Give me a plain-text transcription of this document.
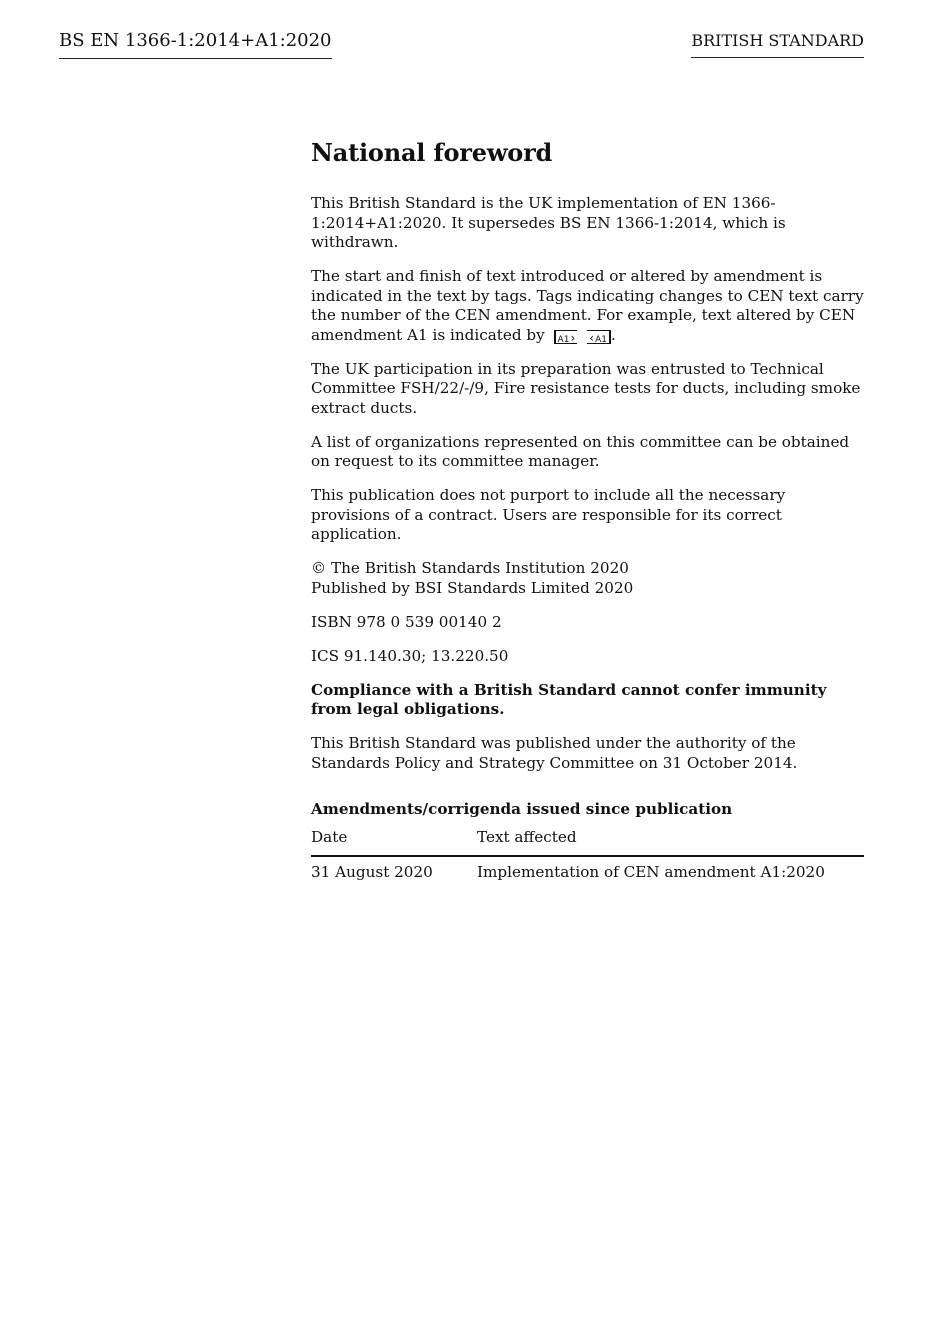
BS EN 1366-1:2014+A1:2020	BRITISH STANDARD
National foreword

This British Standard is the UK implementation of EN 1366-1:2014+A1:2020. It supersedes BS EN 1366-1:2014, which is withdrawn.

The start and finish of text introduced or altered by amendment is indicated in the text by tags. Tags indicating changes to CEN text carry the number of the CEN amendment. For example, text altered by CEN amendment A1 is indicated by A1 ›	‹ A1 .

The UK participation in its preparation was entrusted to Technical Committee FSH/22/-/9, Fire resistance tests for ducts, including smoke extract ducts.

A list of organizations represented on this committee can be obtained on request to its committee manager.

This publication does not purport to include all the necessary provisions of a contract. Users are responsible for its correct application.

© The British Standards Institution 2020
Published by BSI Standards Limited 2020

ISBN 978 0 539 00140 2

ICS 91.140.30; 13.220.50

Compliance with a British Standard cannot confer immunity from legal obligations.

This British Standard was published under the authority of the Standards Policy and Strategy Committee on 31 October 2014.

Amendments/corrigenda issued since publication
Date	Text affected
31 August 2020	Implementation of CEN amendment A1:2020
